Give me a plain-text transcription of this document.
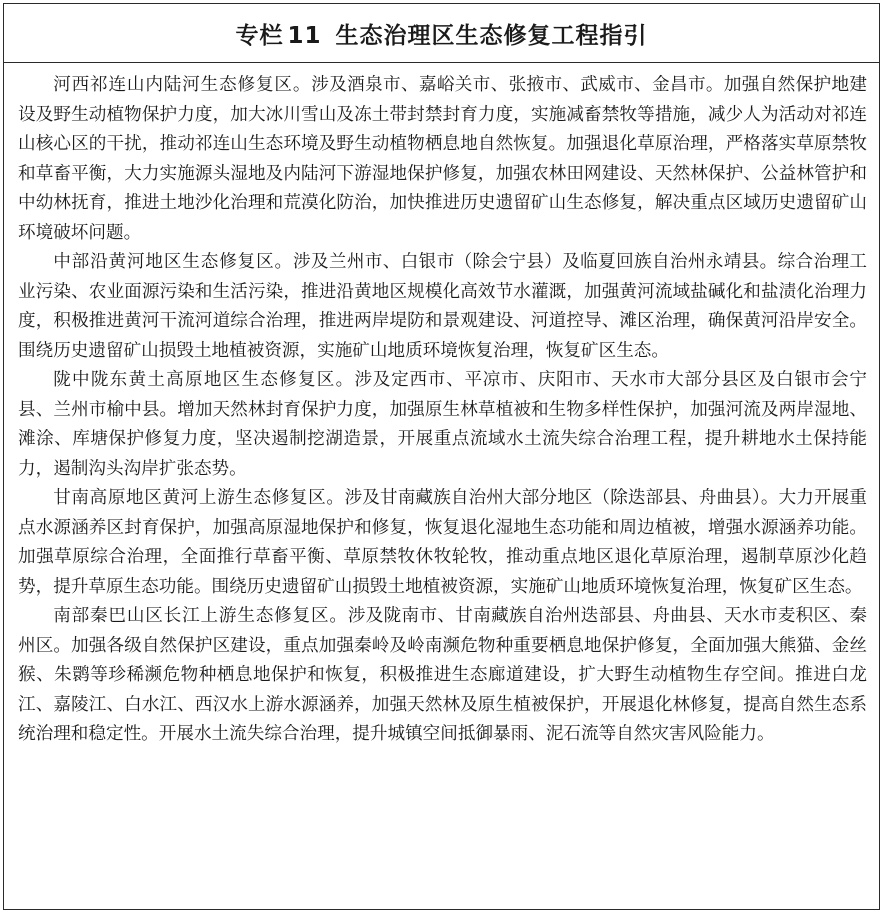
专栏 11 生态治理区生态修复工程指引

河西祁连山内陆河生态修复区。涉及酒泉市、嘉峪关市、张掖市、武威市、金昌市。加强自然保护地建设及野生动植物保护力度，加大冰川雪山及冻土带封禁封育力度，实施减畜禁牧等措施，减少人为活动对祁连山核心区的干扰，推动祁连山生态环境及野生动植物栖息地自然恢复。加强退化草原治理，严格落实草原禁牧和草畜平衡，大力实施源头湿地及内陆河下游湿地保护修复，加强农林田网建设、天然林保护、公益林管护和中幼林抚育，推进土地沙化治理和荒漠化防治，加快推进历史遗留矿山生态修复，解决重点区域历史遗留矿山环境破坏问题。

中部沿黄河地区生态修复区。涉及兰州市、白银市（除会宁县）及临夏回族自治州永靖县。综合治理工业污染、农业面源污染和生活污染，推进沿黄地区规模化高效节水灌溉，加强黄河流域盐碱化和盐渍化治理力度，积极推进黄河干流河道综合治理，推进两岸堤防和景观建设、河道控导、滩区治理，确保黄河沿岸安全。围绕历史遗留矿山损毁土地植被资源，实施矿山地质环境恢复治理，恢复矿区生态。

陇中陇东黄土高原地区生态修复区。涉及定西市、平凉市、庆阳市、天水市大部分县区及白银市会宁县、兰州市榆中县。增加天然林封育保护力度，加强原生林草植被和生物多样性保护，加强河流及两岸湿地、滩涂、库塘保护修复力度，坚决遏制挖湖造景，开展重点流域水土流失综合治理工程，提升耕地水土保持能力，遏制沟头沟岸扩张态势。

甘南高原地区黄河上游生态修复区。涉及甘南藏族自治州大部分地区（除迭部县、舟曲县）。大力开展重点水源涵养区封育保护，加强高原湿地保护和修复，恢复退化湿地生态功能和周边植被，增强水源涵养功能。加强草原综合治理，全面推行草畜平衡、草原禁牧休牧轮牧，推动重点地区退化草原治理，遏制草原沙化趋势，提升草原生态功能。围绕历史遗留矿山损毁土地植被资源，实施矿山地质环境恢复治理，恢复矿区生态。

南部秦巴山区长江上游生态修复区。涉及陇南市、甘南藏族自治州迭部县、舟曲县、天水市麦积区、秦州区。加强各级自然保护区建设，重点加强秦岭及岭南濒危物种重要栖息地保护修复，全面加强大熊猫、金丝猴、朱鹮等珍稀濒危物种栖息地保护和恢复，积极推进生态廊道建设，扩大野生动植物生存空间。推进白龙江、嘉陵江、白水江、西汉水上游水源涵养，加强天然林及原生植被保护，开展退化林修复，提高自然生态系统治理和稳定性。开展水土流失综合治理，提升城镇空间抵御暴雨、泥石流等自然灾害风险能力。
